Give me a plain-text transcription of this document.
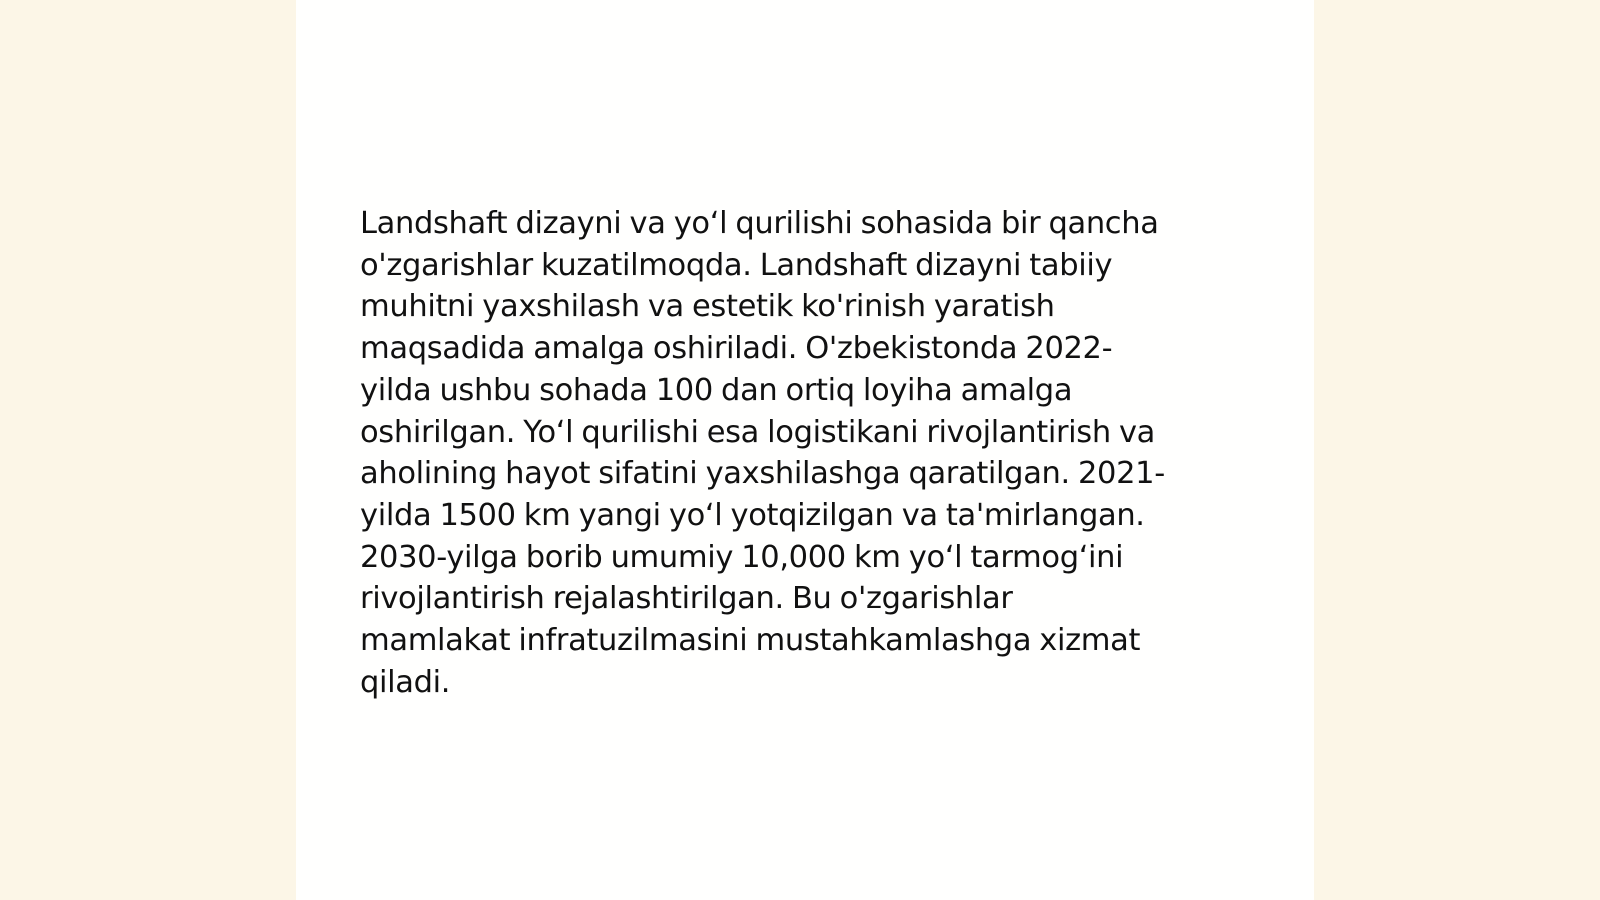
Landshaft dizayni va yoʻl qurilishi sohasida bir qancha
o'zgarishlar kuzatilmoqda. Landshaft dizayni tabiiy
muhitni yaxshilash va estetik ko'rinish yaratish
maqsadida amalga oshiriladi. O'zbekistonda 2022-
yilda ushbu sohada 100 dan ortiq loyiha amalga
oshirilgan. Yoʻl qurilishi esa logistikani rivojlantirish va
aholining hayot sifatini yaxshilashga qaratilgan. 2021-
yilda 1500 km yangi yoʻl yotqizilgan va ta'mirlangan.
2030-yilga borib umumiy 10,000 km yoʻl tarmogʻini
rivojlantirish rejalashtirilgan. Bu o'zgarishlar
mamlakat infratuzilmasini mustahkamlashga xizmat
qiladi.
